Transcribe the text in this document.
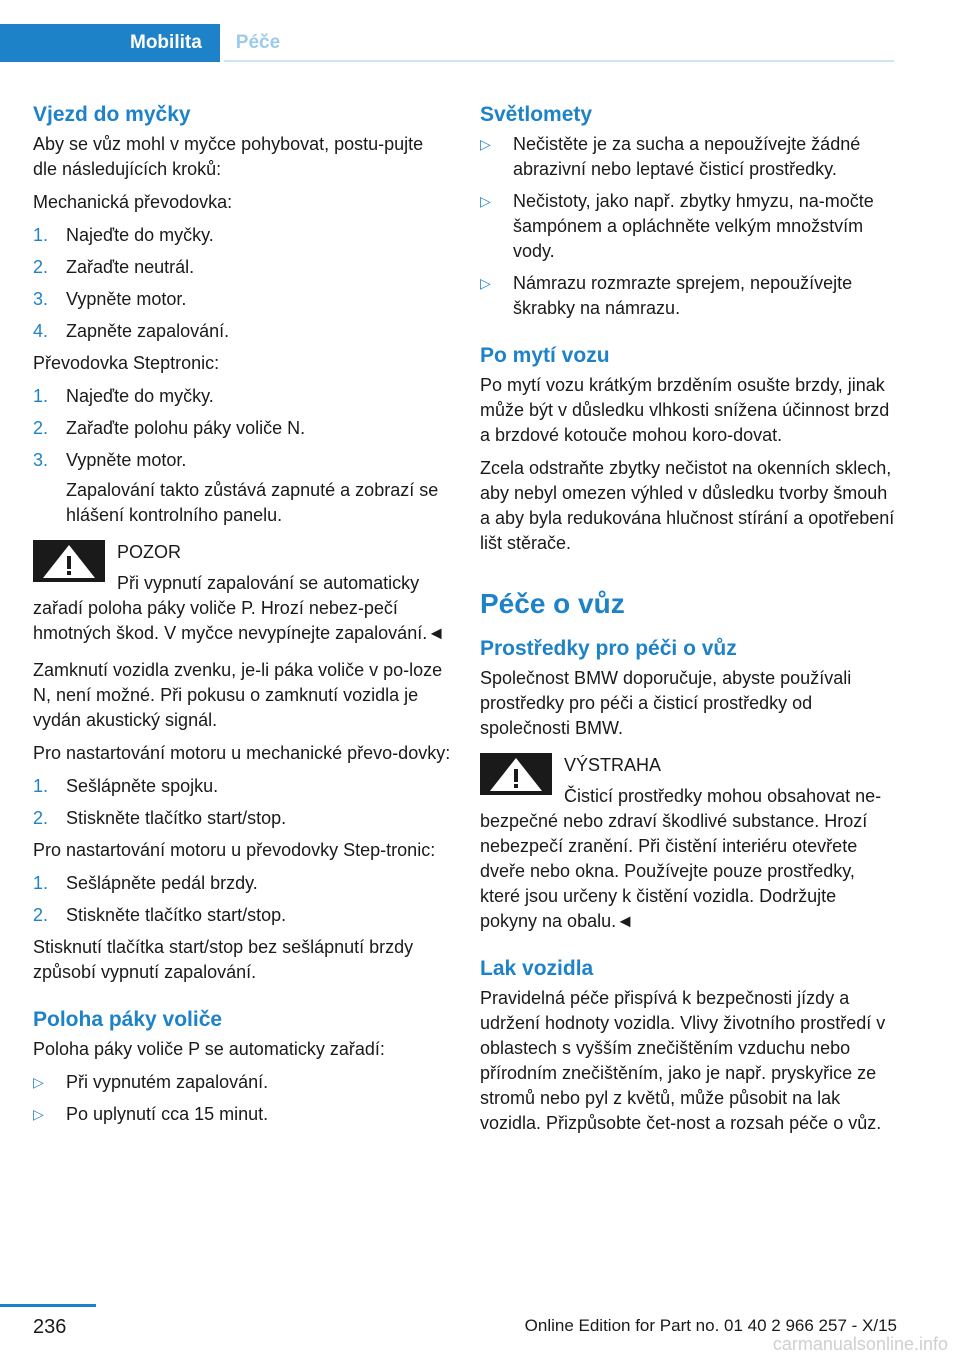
Mobilita	Péče
Vjezd do myčky

Aby se vůz mohl v myčce pohybovat, postu‐pujte dle následujících kroků:

Mechanická převodovka:

1. Najeďte do myčky.
2. Zařaďte neutrál.
3. Vypněte motor.
4. Zapněte zapalování.

Převodovka Steptronic:

1. Najeďte do myčky.
2. Zařaďte polohu páky voliče N.
3. Vypněte motor.
Zapalování takto zůstává zapnuté a zobrazí se hlášení kontrolního panelu.
POZOR
Při vypnutí zapalování se automaticky
zařadí poloha páky voliče P. Hrozí nebez‐pečí hmotných škod. V myčce nevypínejte zapalování.◄

Zamknutí vozidla zvenku, je-li páka voliče v po‐loze N, není možné. Při pokusu o zamknutí vozidla je vydán akustický signál.

Pro nastartování motoru u mechanické převo‐dovky:

1. Sešlápněte spojku.
2. Stiskněte tlačítko start/stop.

Pro nastartování motoru u převodovky Step‐tronic:

1. Sešlápněte pedál brzdy.
2. Stiskněte tlačítko start/stop.

Stisknutí tlačítka start/stop bez sešlápnutí brzdy způsobí vypnutí zapalování.

Poloha páky voliče

Poloha páky voliče P se automaticky zařadí:

▷ Při vypnutém zapalování.
▷ Po uplynutí cca 15 minut.
Světlomety
▷ Nečistěte je za sucha a nepoužívejte žádné abrazivní nebo leptavé čisticí prostředky.
▷ Nečistoty, jako např. zbytky hmyzu, na‐močte šampónem a opláchněte velkým množstvím vody.
▷ Námrazu rozmrazte sprejem, nepoužívejte škrabky na námrazu.
Po mytí vozu

Po mytí vozu krátkým brzděním osušte brzdy, jinak může být v důsledku vlhkosti snížena účinnost brzd a brzdové kotouče mohou koro‐dovat.

Zcela odstraňte zbytky nečistot na okenních sklech, aby nebyl omezen výhled v důsledku tvorby šmouh a aby byla redukována hlučnost stírání a opotřebení lišt stěrače.

Péče o vůz
Prostředky pro péči o vůz

Společnost BMW doporučuje, abyste používali prostředky pro péči a čisticí prostředky od společnosti BMW.

VÝSTRAHA
Čisticí prostředky mohou obsahovat ne‐
bezpečné nebo zdraví škodlivé substance. Hrozí nebezpečí zranění. Při čistění interiéru otevřete dveře nebo okna. Používejte pouze prostředky, které jsou určeny k čistění vozidla. Dodržujte pokyny na obalu.◄
Lak vozidla

Pravidelná péče přispívá k bezpečnosti jízdy a udržení hodnoty vozidla. Vlivy životního prostředí v oblastech s vyšším znečištěním vzduchu nebo přírodním znečištěním, jako je např. pryskyřice ze stromů nebo pyl z květů, může působit na lak vozidla. Přizpůsobte čet‐nost a rozsah péče o vůz.

236	Online Edition for Part no. 01 40 2 966 257 - X/15
carmanualsonline.info
